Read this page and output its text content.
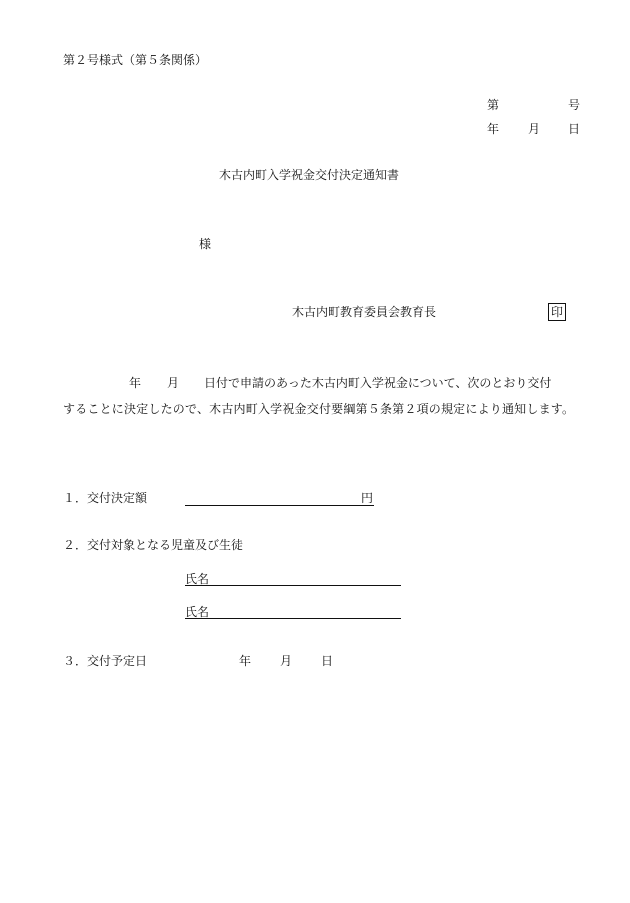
第２号様式（第５条関係）
第	号
年 月 日
木古内町入学祝金交付決定通知書
様
木古内町教育委員会教育長	印
年 月 日付で申請のあった木古内町入学祝金について、次のとおり交付
することに決定したので、木古内町入学祝金交付要綱第５条第２項の規定により通知します。
１．交付決定額	円
２．交付対象となる児童及び生徒
氏名
氏名
３．交付予定日	年 月 日
